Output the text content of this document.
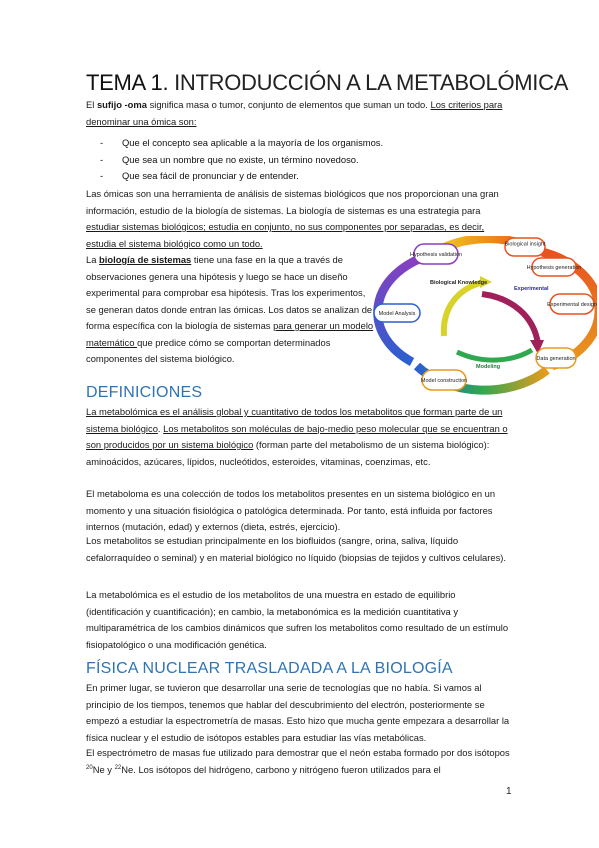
TEMA 1. INTRODUCCIÓN A LA METABOLÓMICA
El sufijo -oma significa masa o tumor, conjunto de elementos que suman un todo. Los criterios para denominar una ómica son:
- Que el concepto sea aplicable a la mayoría de los organismos.
- Que sea un nombre que no existe, un término novedoso.
- Que sea fácil de pronunciar y de entender.
Las ómicas son una herramienta de análisis de sistemas biológicos que nos proporcionan una gran información, estudio de la biología de sistemas. La biología de sistemas es una estrategia para estudiar sistemas biológicos; estudia en conjunto, no sus componentes por separadas, es decir, estudia el sistema biológico como un todo.
La biología de sistemas tiene una fase en la que a través de observaciones genera una hipótesis y luego se hace un diseño experimental para comprobar esa hipótesis. Tras los experimentos, se generan datos donde entran las ómicas. Los datos se analizan de forma específica con la biología de sistemas para generar un modelo matemático que predice cómo se comportan determinados componentes del sistema biológico.
Biological insight
Hypothesis generation
Experimental design
Data generation
Model construction
Model Analysis
Hypothesis validation
Biological Knowledge
Experimental
Modeling
DEFINICIONES
La metabolómica es el análisis global y cuantitativo de todos los metabolitos que forman parte de un sistema biológico. Los metabolitos son moléculas de bajo-medio peso molecular que se encuentran o son producidos por un sistema biológico (forman parte del metabolismo de un sistema biológico): aminoácidos, azúcares, lípidos, nucleótidos, esteroides, vitaminas, coenzimas, etc.
El metaboloma es una colección de todos los metabolitos presentes en un sistema biológico en un momento y una situación fisiológica o patológica determinada. Por tanto, está influida por factores internos (mutación, edad) y externos (dieta, estrés, ejercicio).
Los metabolitos se estudian principalmente en los biofluidos (sangre, orina, saliva, líquido cefalorraquídeo o seminal) y en material biológico no líquido (biopsias de tejidos y cultivos celulares).
La metabolómica es el estudio de los metabolitos de una muestra en estado de equilibrio (identificación y cuantificación); en cambio, la metabonómica es la medición cuantitativa y multiparamétrica de los cambios dinámicos que sufren los metabolitos como resultado de un estímulo fisiopatológico o una modificación genética.
FÍSICA NUCLEAR TRASLADADA A LA BIOLOGÍA
En primer lugar, se tuvieron que desarrollar una serie de tecnologías que no había. Si vamos al principio de los tiempos, tenemos que hablar del descubrimiento del electrón, posteriormente se empezó a estudiar la espectrometría de masas. Esto hizo que mucha gente empezara a desarrollar la física nuclear y el estudio de isótopos estables para estudiar las vías metabólicas.
El espectrómetro de masas fue utilizado para demostrar que el neón estaba formado por dos isótopos $^{20}$Ne y $^{22}$Ne. Los isótopos del hidrógeno, carbono y nitrógeno fueron utilizados para el
1
